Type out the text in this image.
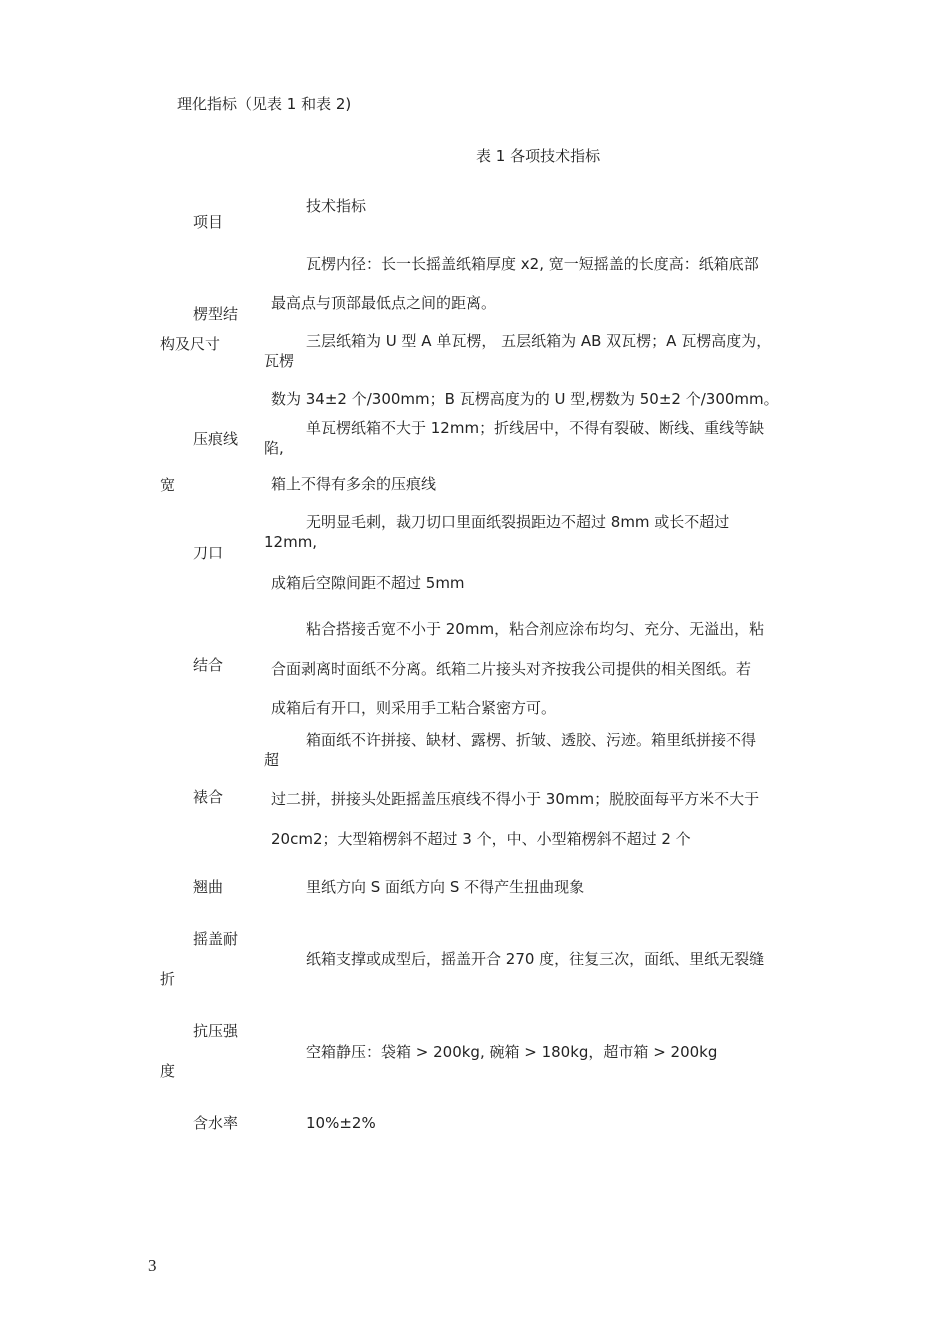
理化指标（见表 1 和表 2)
表 1 各项技术指标
项目
技术指标
楞型结
构及尺寸
瓦楞内径：长一长摇盖纸箱厚度 x2, 宽一短摇盖的长度高：纸箱底部
最高点与顶部最低点之间的距离。
三层纸箱为 U 型 A 单瓦楞， 五层纸箱为 AB 双瓦楞；A 瓦楞高度为，
瓦楞
数为 34±2 个/300mm；B 瓦楞高度为的 U 型,楞数为 50±2 个/300mm。
压痕线
宽
单瓦楞纸箱不大于 12mm；折线居中，不得有裂破、断线、重线等缺
陷,
箱上不得有多余的压痕线
刀口
无明显毛刺，裁刀切口里面纸裂损距边不超过 8mm 或长不超过
12mm,
成箱后空隙间距不超过 5mm
结合
粘合搭接舌宽不小于 20mm，粘合剂应涂布均匀、充分、无溢出，粘
合面剥离时面纸不分离。纸箱二片接头对齐按我公司提供的相关图纸。若
成箱后有开口，则采用手工粘合紧密方可。
裱合
箱面纸不许拼接、缺材、露楞、折皱、透胶、污迹。箱里纸拼接不得
超
过二拼，拼接头处距摇盖压痕线不得小于 30mm；脱胶面每平方米不大于
20cm2；大型箱楞斜不超过 3 个，中、小型箱楞斜不超过 2 个
翘曲	里纸方向 S 面纸方向 S 不得产生扭曲现象
摇盖耐
折
纸箱支撑或成型后，摇盖开合 270 度，往复三次，面纸、里纸无裂缝
抗压强
度
空箱静压：袋箱 > 200kg, 碗箱 > 180kg，超市箱 > 200kg
含水率	10%±2%
3
